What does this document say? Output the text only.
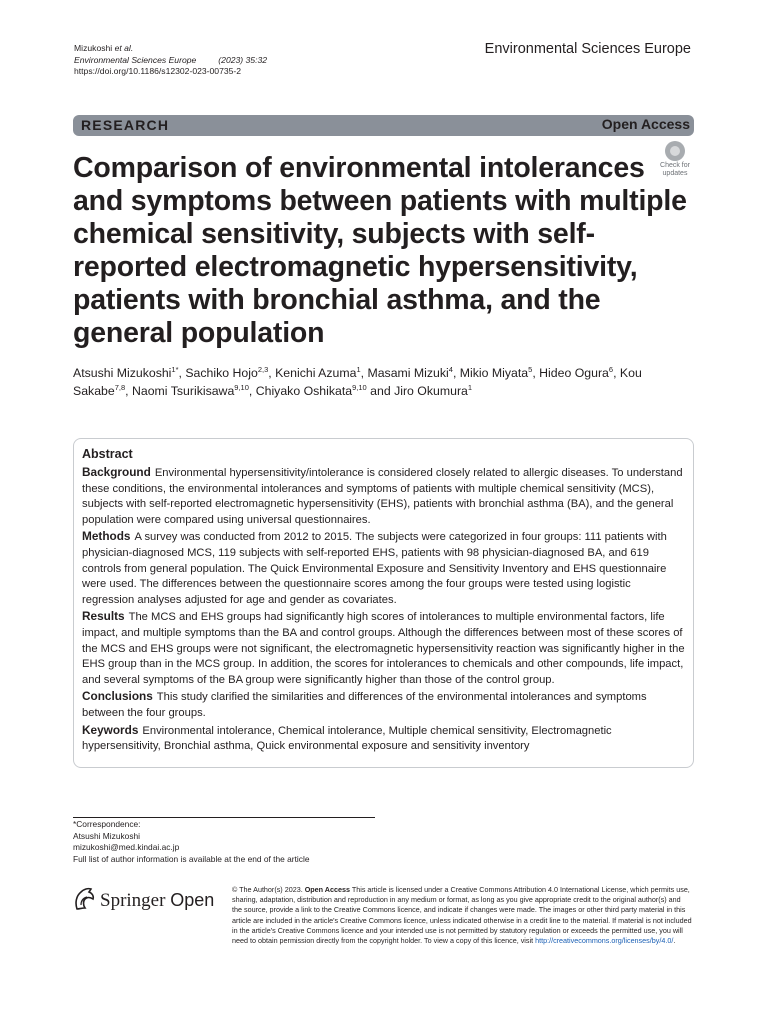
Mizukoshi et al.
Environmental Sciences Europe	(2023) 35:32
https://doi.org/10.1186/s12302-023-00735-2
Environmental Sciences Europe
RESEARCH	Open Access
Comparison of environmental intolerances and symptoms between patients with multiple chemical sensitivity, subjects with self-reported electromagnetic hypersensitivity, patients with bronchial asthma, and the general population
Check for
updates
Atsushi Mizukoshi$^{1*}$, Sachiko Hojo$^{2,3}$, Kenichi Azuma$^1$, Masami Mizuki$^4$, Mikio Miyata$^5$, Hideo Ogura$^6$, Kou Sakabe$^{7,8}$, Naomi Tsurikisawa$^{9,10}$, Chiyako Oshikata$^{9,10}$ and Jiro Okumura$^1$
Abstract

Background Environmental hypersensitivity/intolerance is considered closely related to allergic diseases. To understand these conditions, the environmental intolerances and symptoms of patients with multiple chemical sensitivity (MCS), subjects with self-reported electromagnetic hypersensitivity (EHS), patients with bronchial asthma (BA), and the general population were compared using universal questionnaires.

Methods A survey was conducted from 2012 to 2015. The subjects were categorized in four groups: 111 patients with physician-diagnosed MCS, 119 subjects with self-reported EHS, patients with 98 physician-diagnosed BA, and 619 controls from general population. The Quick Environmental Exposure and Sensitivity Inventory and EHS questionnaire were used. The differences between the questionnaire scores among the four groups were tested using logistic regression analyses adjusted for age and gender as covariates.

Results The MCS and EHS groups had significantly high scores of intolerances to multiple environmental factors, life impact, and multiple symptoms than the BA and control groups. Although the differences between most of these scores of the MCS and EHS groups were not significant, the electromagnetic hypersensitivity reaction was significantly higher in the EHS group than in the MCS group. In addition, the scores for intolerances to chemicals and other compounds, life impact, and several symptoms of the BA group were significantly higher than those of the control group.

Conclusions This study clarified the similarities and differences of the environmental intolerances and symptoms between the four groups.

Keywords Environmental intolerance, Chemical intolerance, Multiple chemical sensitivity, Electromagnetic hypersensitivity, Bronchial asthma, Quick environmental exposure and sensitivity inventory

*Correspondence:
Atsushi Mizukoshi
mizukoshi@med.kindai.ac.jp
Full list of author information is available at the end of the article
Springer Open
© The Author(s) 2023. Open Access This article is licensed under a Creative Commons Attribution 4.0 International License, which permits use, sharing, adaptation, distribution and reproduction in any medium or format, as long as you give appropriate credit to the original author(s) and the source, provide a link to the Creative Commons licence, and indicate if changes were made. The images or other third party material in this article are included in the article's Creative Commons licence, unless indicated otherwise in a credit line to the material. If material is not included in the article's Creative Commons licence and your intended use is not permitted by statutory regulation or exceeds the permitted use, you will need to obtain permission directly from the copyright holder. To view a copy of this licence, visit http://creativecommons.org/licenses/by/4.0/.
